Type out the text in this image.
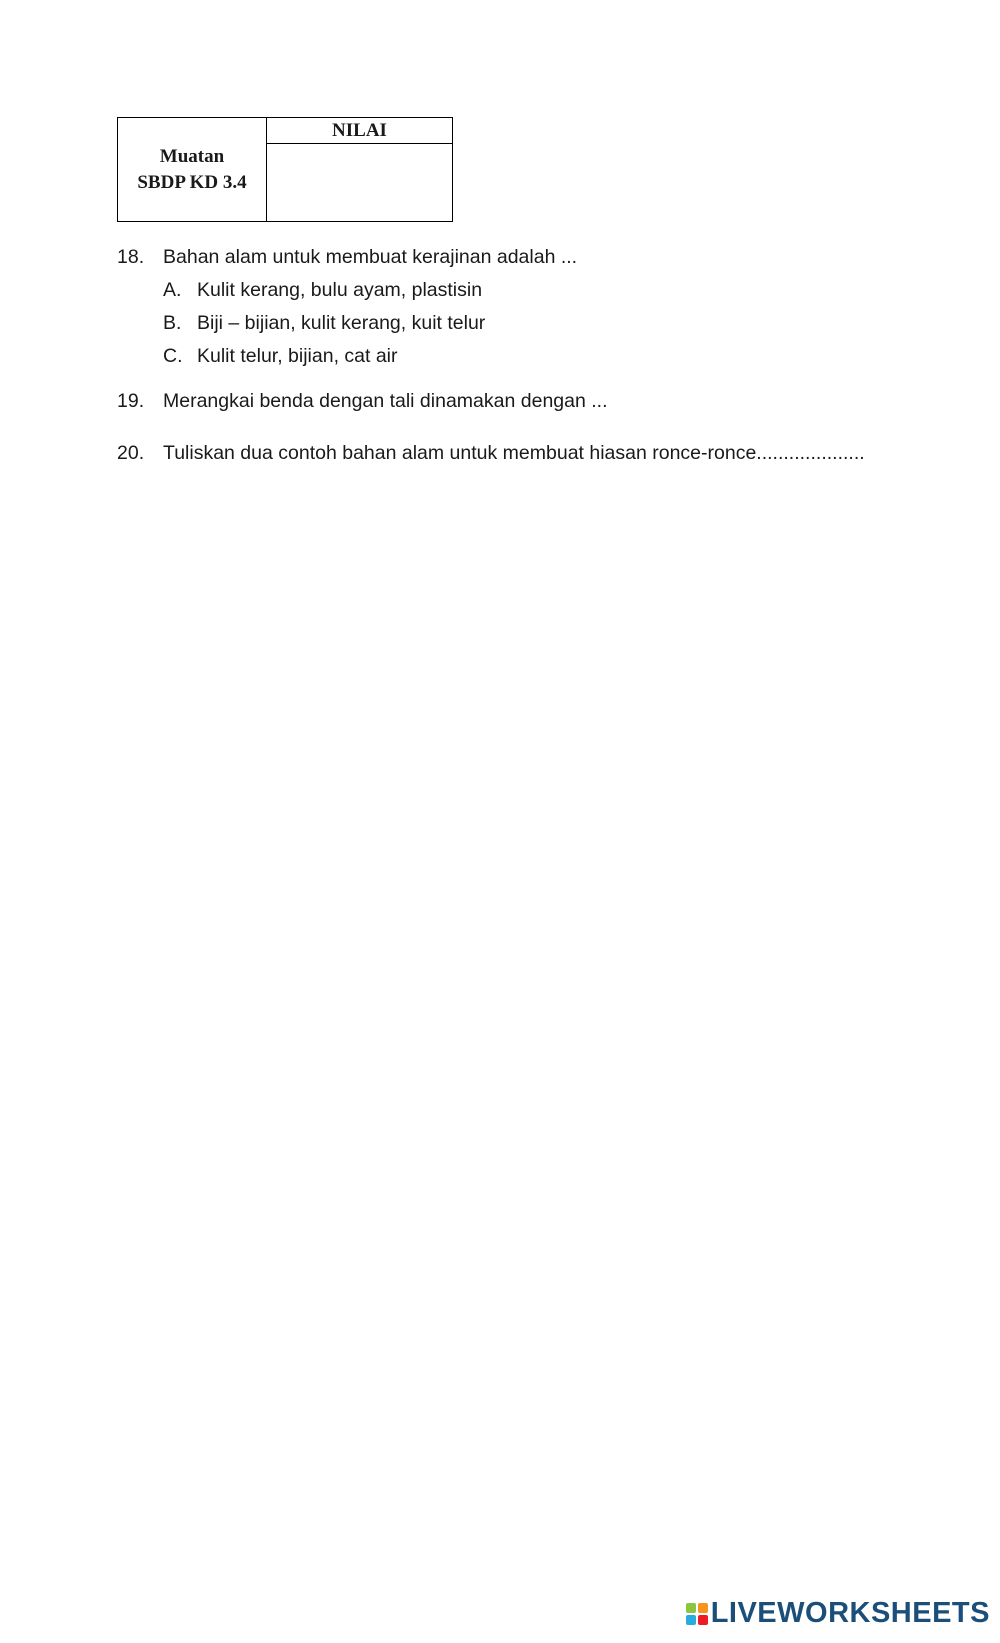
Muatan
SBDP KD 3.4
	NILAI

18. Bahan alam untuk membuat kerajinan adalah ...
A. Kulit kerang, bulu ayam, plastisin
B. Biji – bijian, kulit kerang, kuit telur
C. Kulit telur, bijian, cat air
19. Merangkai benda dengan tali dinamakan dengan ...
20. Tuliskan dua contoh bahan alam untuk membuat hiasan ronce-ronce....................
LIVEWORKSHEETS
